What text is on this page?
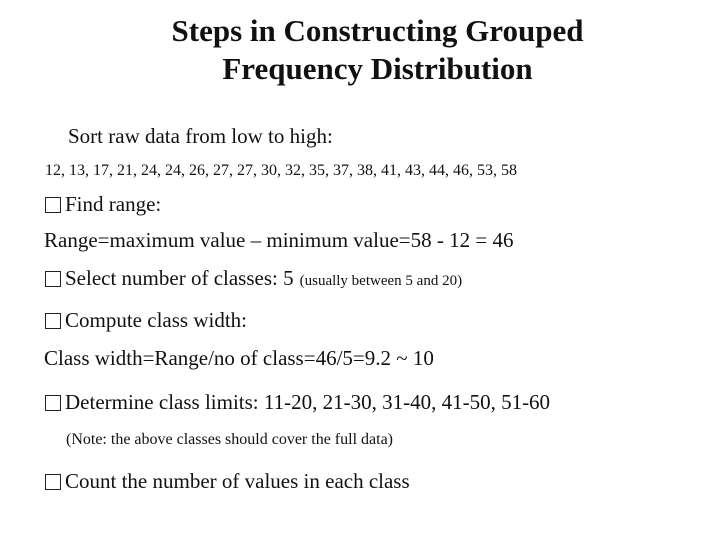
Steps in Constructing Grouped
Frequency Distribution
Sort raw data from low to high:
12, 13, 17, 21, 24, 24, 26, 27, 27, 30, 32, 35, 37, 38, 41, 43, 44, 46, 53, 58
Find range:
Range=maximum value – minimum value=58 - 12 = 46
Select number of classes: 5 (usually between 5 and 20)
Compute class width:
Class width=Range/no of class=46/5=9.2 ~ 10
Determine class limits: 11-20, 21-30, 31-40, 41-50, 51-60
(Note: the above classes should cover the full data)
Count the number of values in each class
